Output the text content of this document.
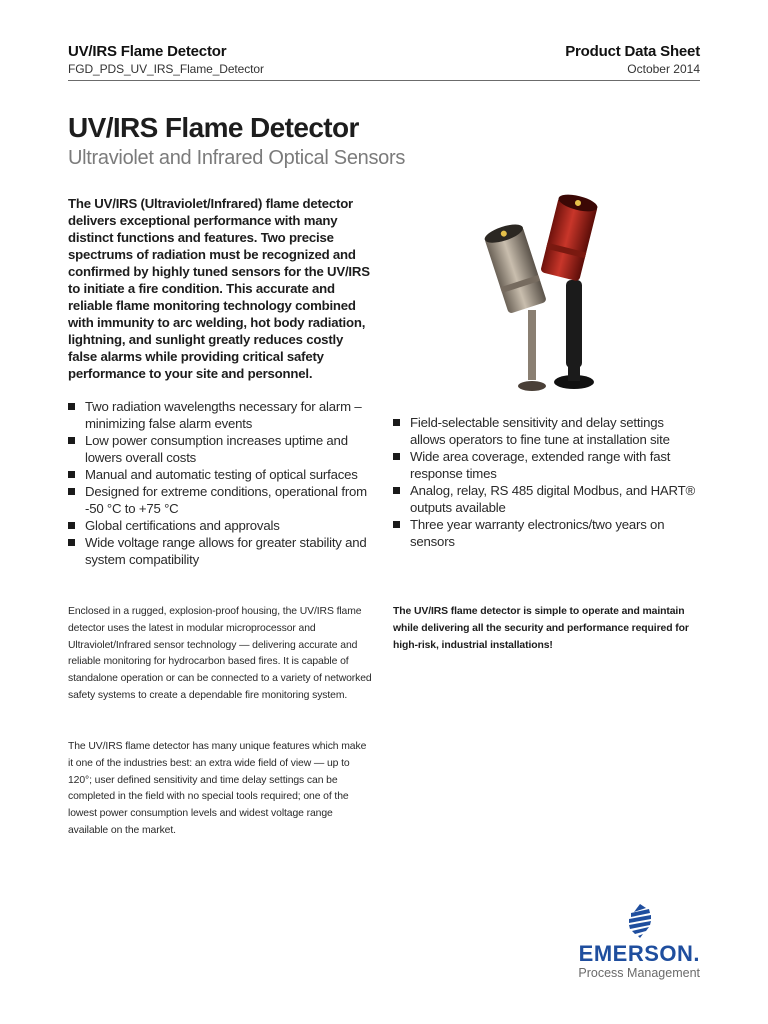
UV/IRS Flame Detector
FGD_PDS_UV_IRS_Flame_Detector
Product Data Sheet
October 2014
UV/IRS Flame Detector
Ultraviolet and Infrared Optical Sensors

The UV/IRS (Ultraviolet/Infrared) flame detector delivers exceptional performance with many distinct functions and features. Two precise spectrums of radiation must be recognized and confirmed by highly tuned sensors for the UV/IRS to initiate a fire condition. This accurate and reliable flame monitoring technology combined with immunity to arc welding, hot body radiation, lightning, and sunlight greatly reduces costly false alarms while providing critical safety performance to your site and personnel.

Two radiation wavelengths necessary for alarm – minimizing false alarm events
Low power consumption increases uptime and lowers overall costs
Manual and automatic testing of optical surfaces
Designed for extreme conditions, operational from -50 °C to +75 °C
Global certifications and approvals
Wide voltage range allows for greater stability and system compatibility
Field-selectable sensitivity and delay settings allows operators to fine tune at installation site
Wide area coverage, extended range with fast response times
Analog, relay, RS 485 digital Modbus, and HART® outputs available
Three year warranty electronics/two years on sensors

Enclosed in a rugged, explosion-proof housing, the UV/IRS flame detector uses the latest in modular microprocessor and Ultraviolet/Infrared sensor technology — delivering accurate and reliable monitoring for hydrocarbon based fires. It is capable of standalone operation or can be connected to a variety of networked safety systems to create a dependable fire monitoring system.

The UV/IRS flame detector has many unique features which make it one of the industries best: an extra wide field of view — up to 120°; user defined sensitivity and time delay settings can be completed in the field with no special tools required; one of the lowest power consumption levels and widest voltage range available on the market.

The UV/IRS flame detector is simple to operate and maintain while delivering all the security and performance required for high-risk, industrial installations!

EMERSON.
Process Management
